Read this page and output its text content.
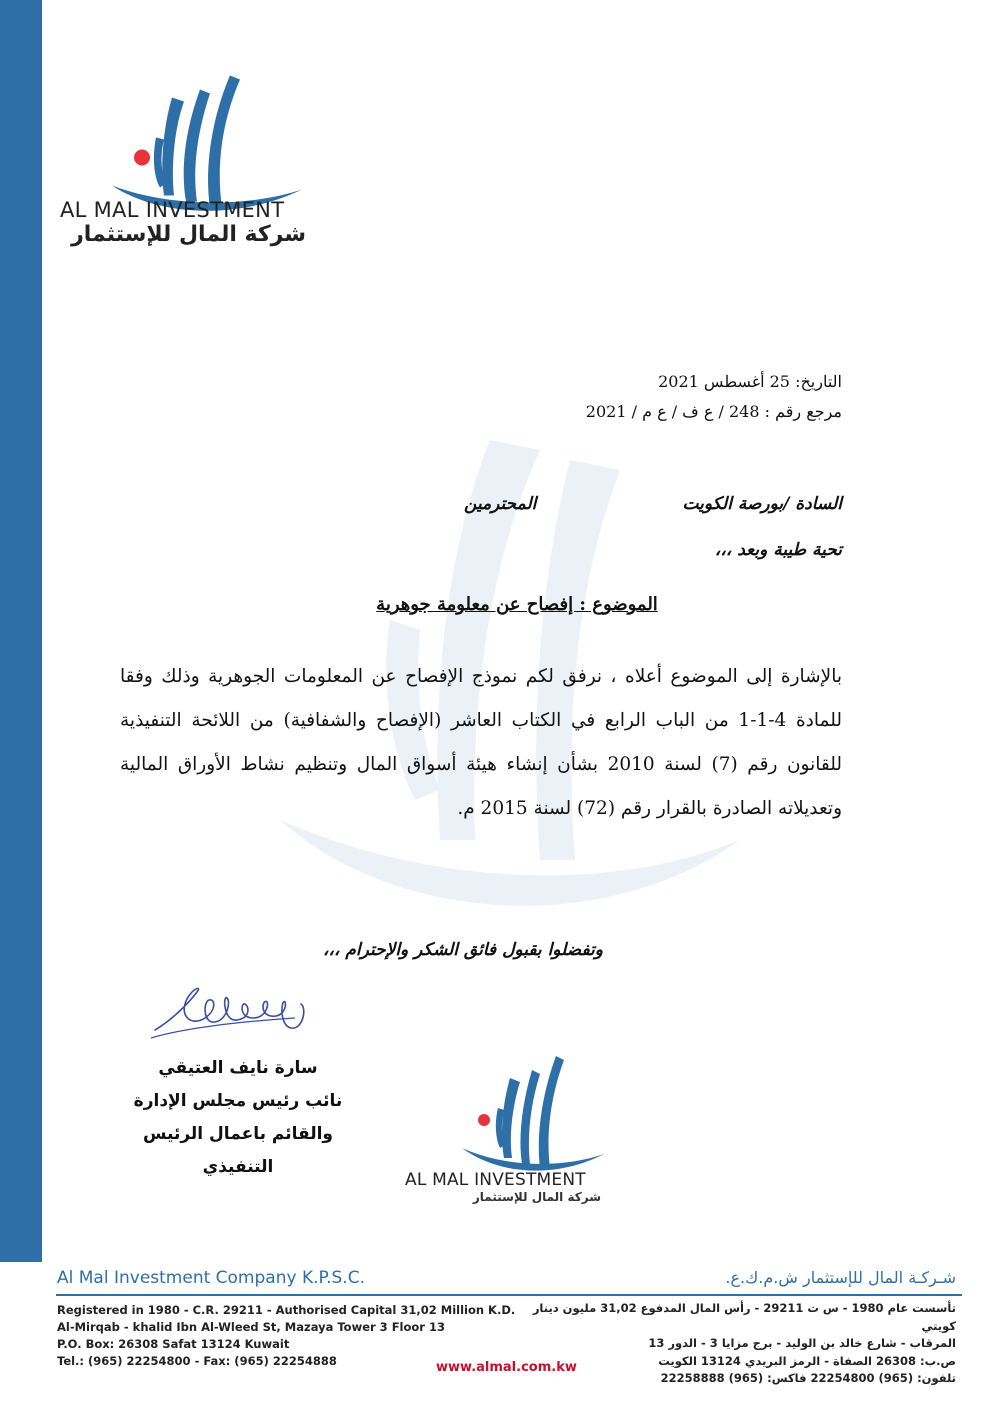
AL MAL INVESTMENT
شركة المال للإستثمار
التاريخ: 25 أغسطس 2021
مرجع رقم : 248 / ع ف / ع م / 2021
السادة /بورصة الكويت
المحترمين
تحية طيبة وبعد ،،،
الموضوع : إفصاح عن معلومة جوهرية
بالإشارة إلى الموضوع أعلاه ، نرفق لكم نموذج الإفصاح عن المعلومات الجوهرية وذلك وفقا للمادة 4-1-1 من الباب الرابع في الكتاب العاشر (الإفصاح والشفافية) من اللائحة التنفيذية للقانون رقم (7) لسنة 2010 بشأن إنشاء هيئة أسواق المال وتنظيم نشاط الأوراق المالية وتعديلاته الصادرة بالقرار رقم (72) لسنة 2015 م.
وتفضلوا بقبول فائق الشكر والإحترام ،،،
سارة نايف العتيقي
نائب رئيس مجلس الإدارة
والقائم باعمال الرئيس التنفيذي
AL MAL INVESTMENT
شركة المال للإستثمار
Al Mal Investment Company K.P.S.C.	شـركـة المال للإستثمار ش.م.ك.ع.
Registered in 1980 - C.R. 29211 - Authorised Capital 31,02 Million K.D.
Al-Mirqab - khalid Ibn Al-Wleed St, Mazaya Tower 3 Floor 13
P.O. Box: 26308 Safat 13124 Kuwait
Tel.: (965) 22254800 - Fax: (965) 22254888
تأسست عام 1980 - س ت 29211 - رأس المال المدفوع 31,02 مليون دينار كويتي
المرقاب - شارع خالد بن الوليد - برج مزايا 3 - الدور 13
ص.ب: 26308 الصفاة - الرمز البريدي 13124 الكويت
تلفون: (965) 22254800 فاكس: (965) 22258888
www.almal.com.kw
